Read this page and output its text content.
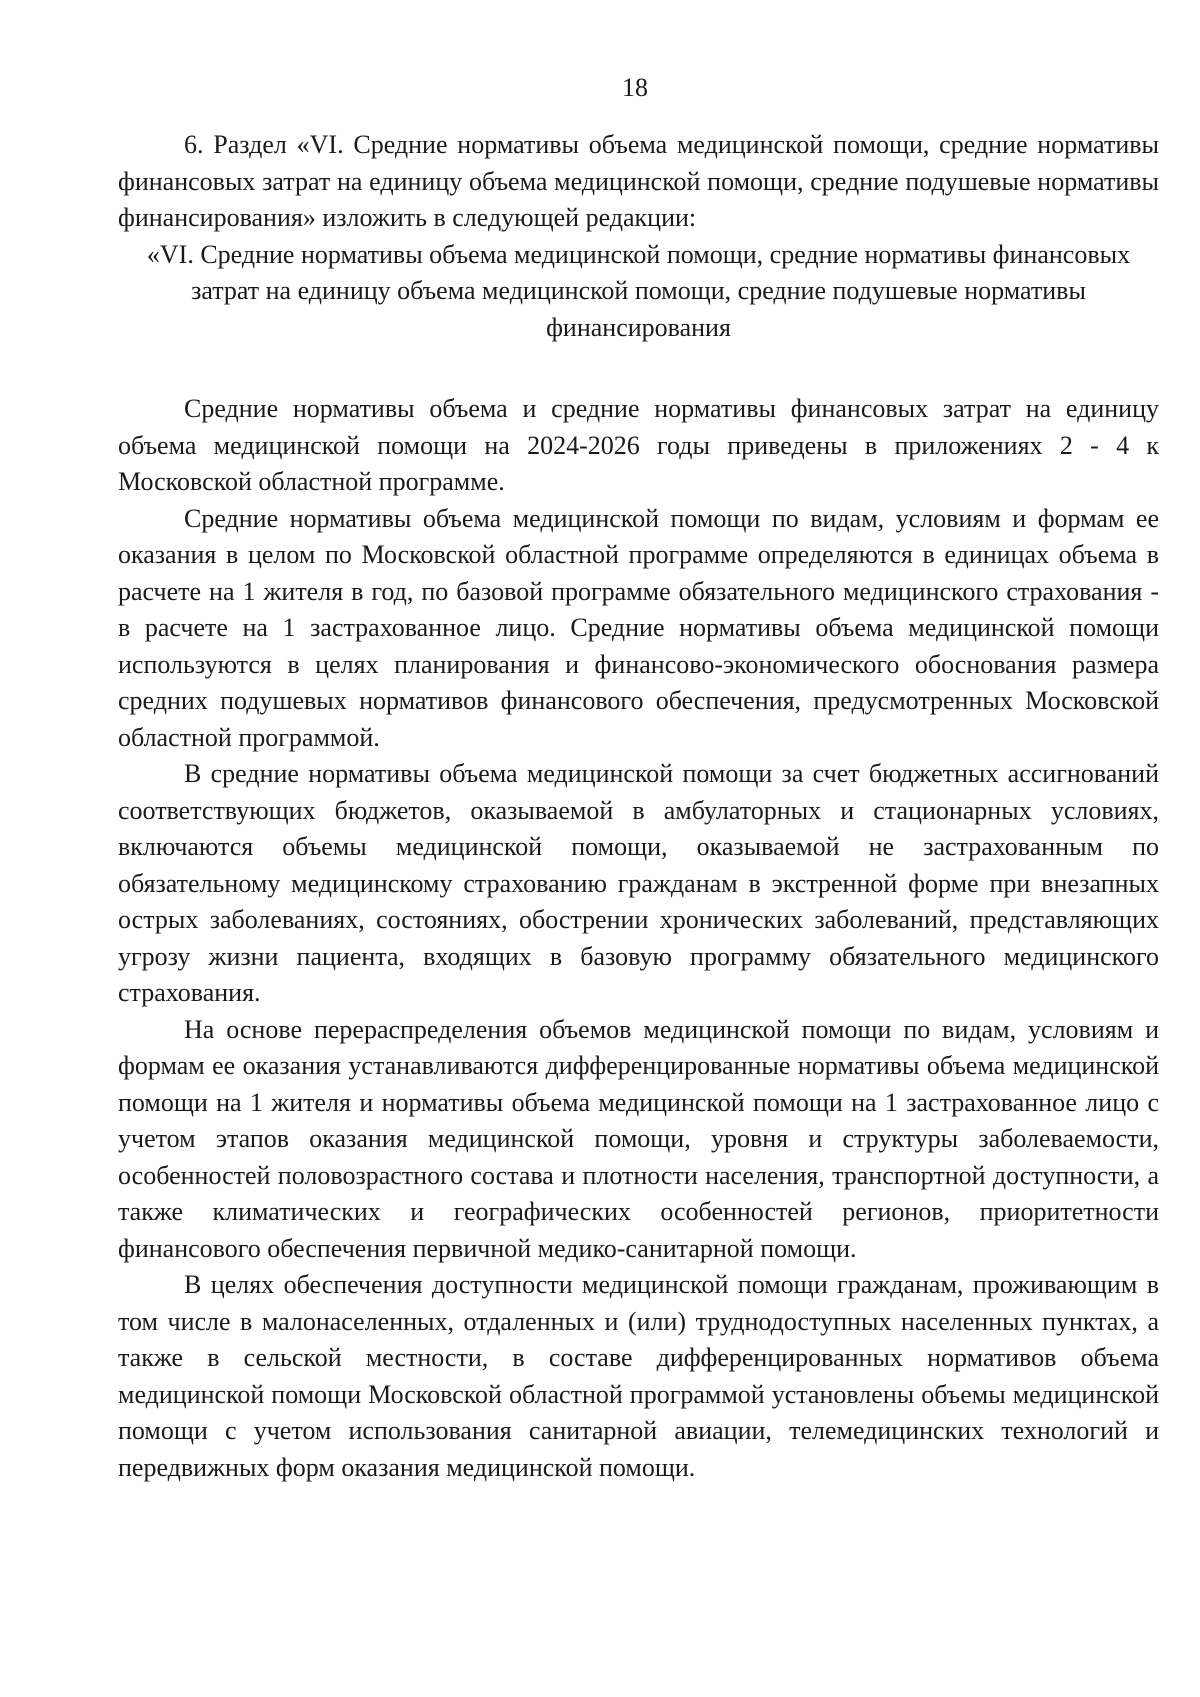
18

6. Раздел «VI. Средние нормативы объема медицинской помощи, средние нормативы финансовых затрат на единицу объема медицинской помощи, средние подушевые нормативы финансирования» изложить в следующей редакции:

«VI. Средние нормативы объема медицинской помощи, средние нормативы финансовых затрат на единицу объема медицинской помощи, средние подушевые нормативы финансирования

Средние нормативы объема и средние нормативы финансовых затрат на единицу объема медицинской помощи на 2024-2026 годы приведены в приложениях 2 - 4 к Московской областной программе.

Средние нормативы объема медицинской помощи по видам, условиям и формам ее оказания в целом по Московской областной программе определяются в единицах объема в расчете на 1 жителя в год, по базовой программе обязательного медицинского страхования - в расчете на 1 застрахованное лицо. Средние нормативы объема медицинской помощи используются в целях планирования и финансово-экономического обоснования размера средних подушевых нормативов финансового обеспечения, предусмотренных Московской областной программой.

В средние нормативы объема медицинской помощи за счет бюджетных ассигнований соответствующих бюджетов, оказываемой в амбулаторных и стационарных условиях, включаются объемы медицинской помощи, оказываемой не застрахованным по обязательному медицинскому страхованию гражданам в экстренной форме при внезапных острых заболеваниях, состояниях, обострении хронических заболеваний, представляющих угрозу жизни пациента, входящих в базовую программу обязательного медицинского страхования.

На основе перераспределения объемов медицинской помощи по видам, условиям и формам ее оказания устанавливаются дифференцированные нормативы объема медицинской помощи на 1 жителя и нормативы объема медицинской помощи на 1 застрахованное лицо с учетом этапов оказания медицинской помощи, уровня и структуры заболеваемости, особенностей половозрастного состава и плотности населения, транспортной доступности, а также климатических и географических особенностей регионов, приоритетности финансового обеспечения первичной медико-санитарной помощи.

В целях обеспечения доступности медицинской помощи гражданам, проживающим в том числе в малонаселенных, отдаленных и (или) труднодоступных населенных пунктах, а также в сельской местности, в составе дифференцированных нормативов объема медицинской помощи Московской областной программой установлены объемы медицинской помощи с учетом использования санитарной авиации, телемедицинских технологий и передвижных форм оказания медицинской помощи.
